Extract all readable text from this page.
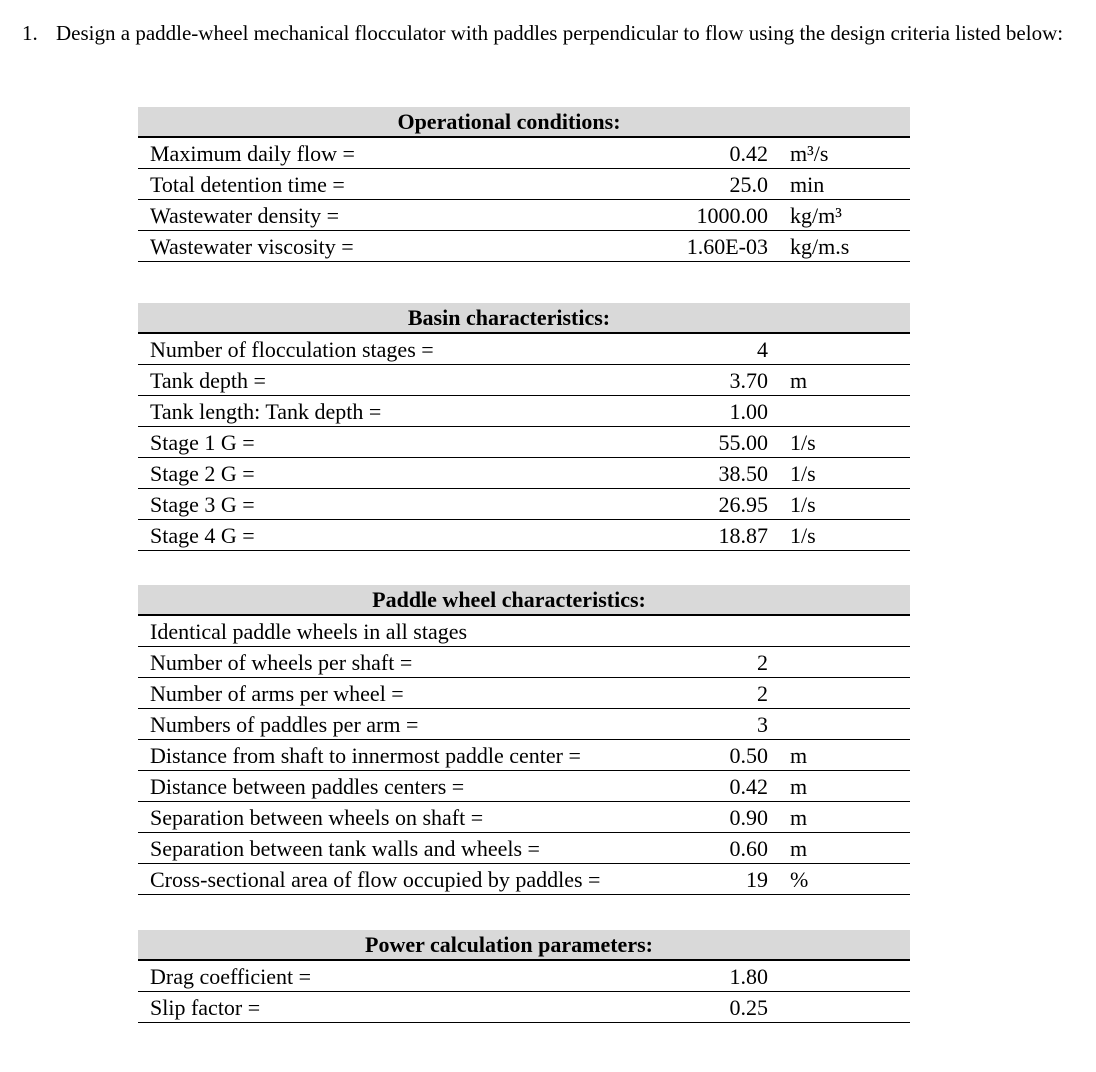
1. Design a paddle-wheel mechanical flocculator with paddles perpendicular to flow using the design criteria listed below:
Operational conditions:
Maximum daily flow =	0.42 m³/s
Total detention time =	25.0 min
Wastewater density =	1000.00 kg/m³
Wastewater viscosity =	1.60E-03 kg/m.s
Basin characteristics:
Number of flocculation stages =	4
Tank depth =	3.70 m
Tank length: Tank depth =	1.00
Stage 1 G =	55.00 1/s
Stage 2 G =	38.50 1/s
Stage 3 G =	26.95 1/s
Stage 4 G =	18.87 1/s
Paddle wheel characteristics:
Identical paddle wheels in all stages
Number of wheels per shaft =	2
Number of arms per wheel =	2
Numbers of paddles per arm =	3
Distance from shaft to innermost paddle center =	0.50 m
Distance between paddles centers =	0.42 m
Separation between wheels on shaft =	0.90 m
Separation between tank walls and wheels =	0.60 m
Cross-sectional area of flow occupied by paddles =	19 %
Power calculation parameters:
Drag coefficient =	1.80
Slip factor =	0.25
